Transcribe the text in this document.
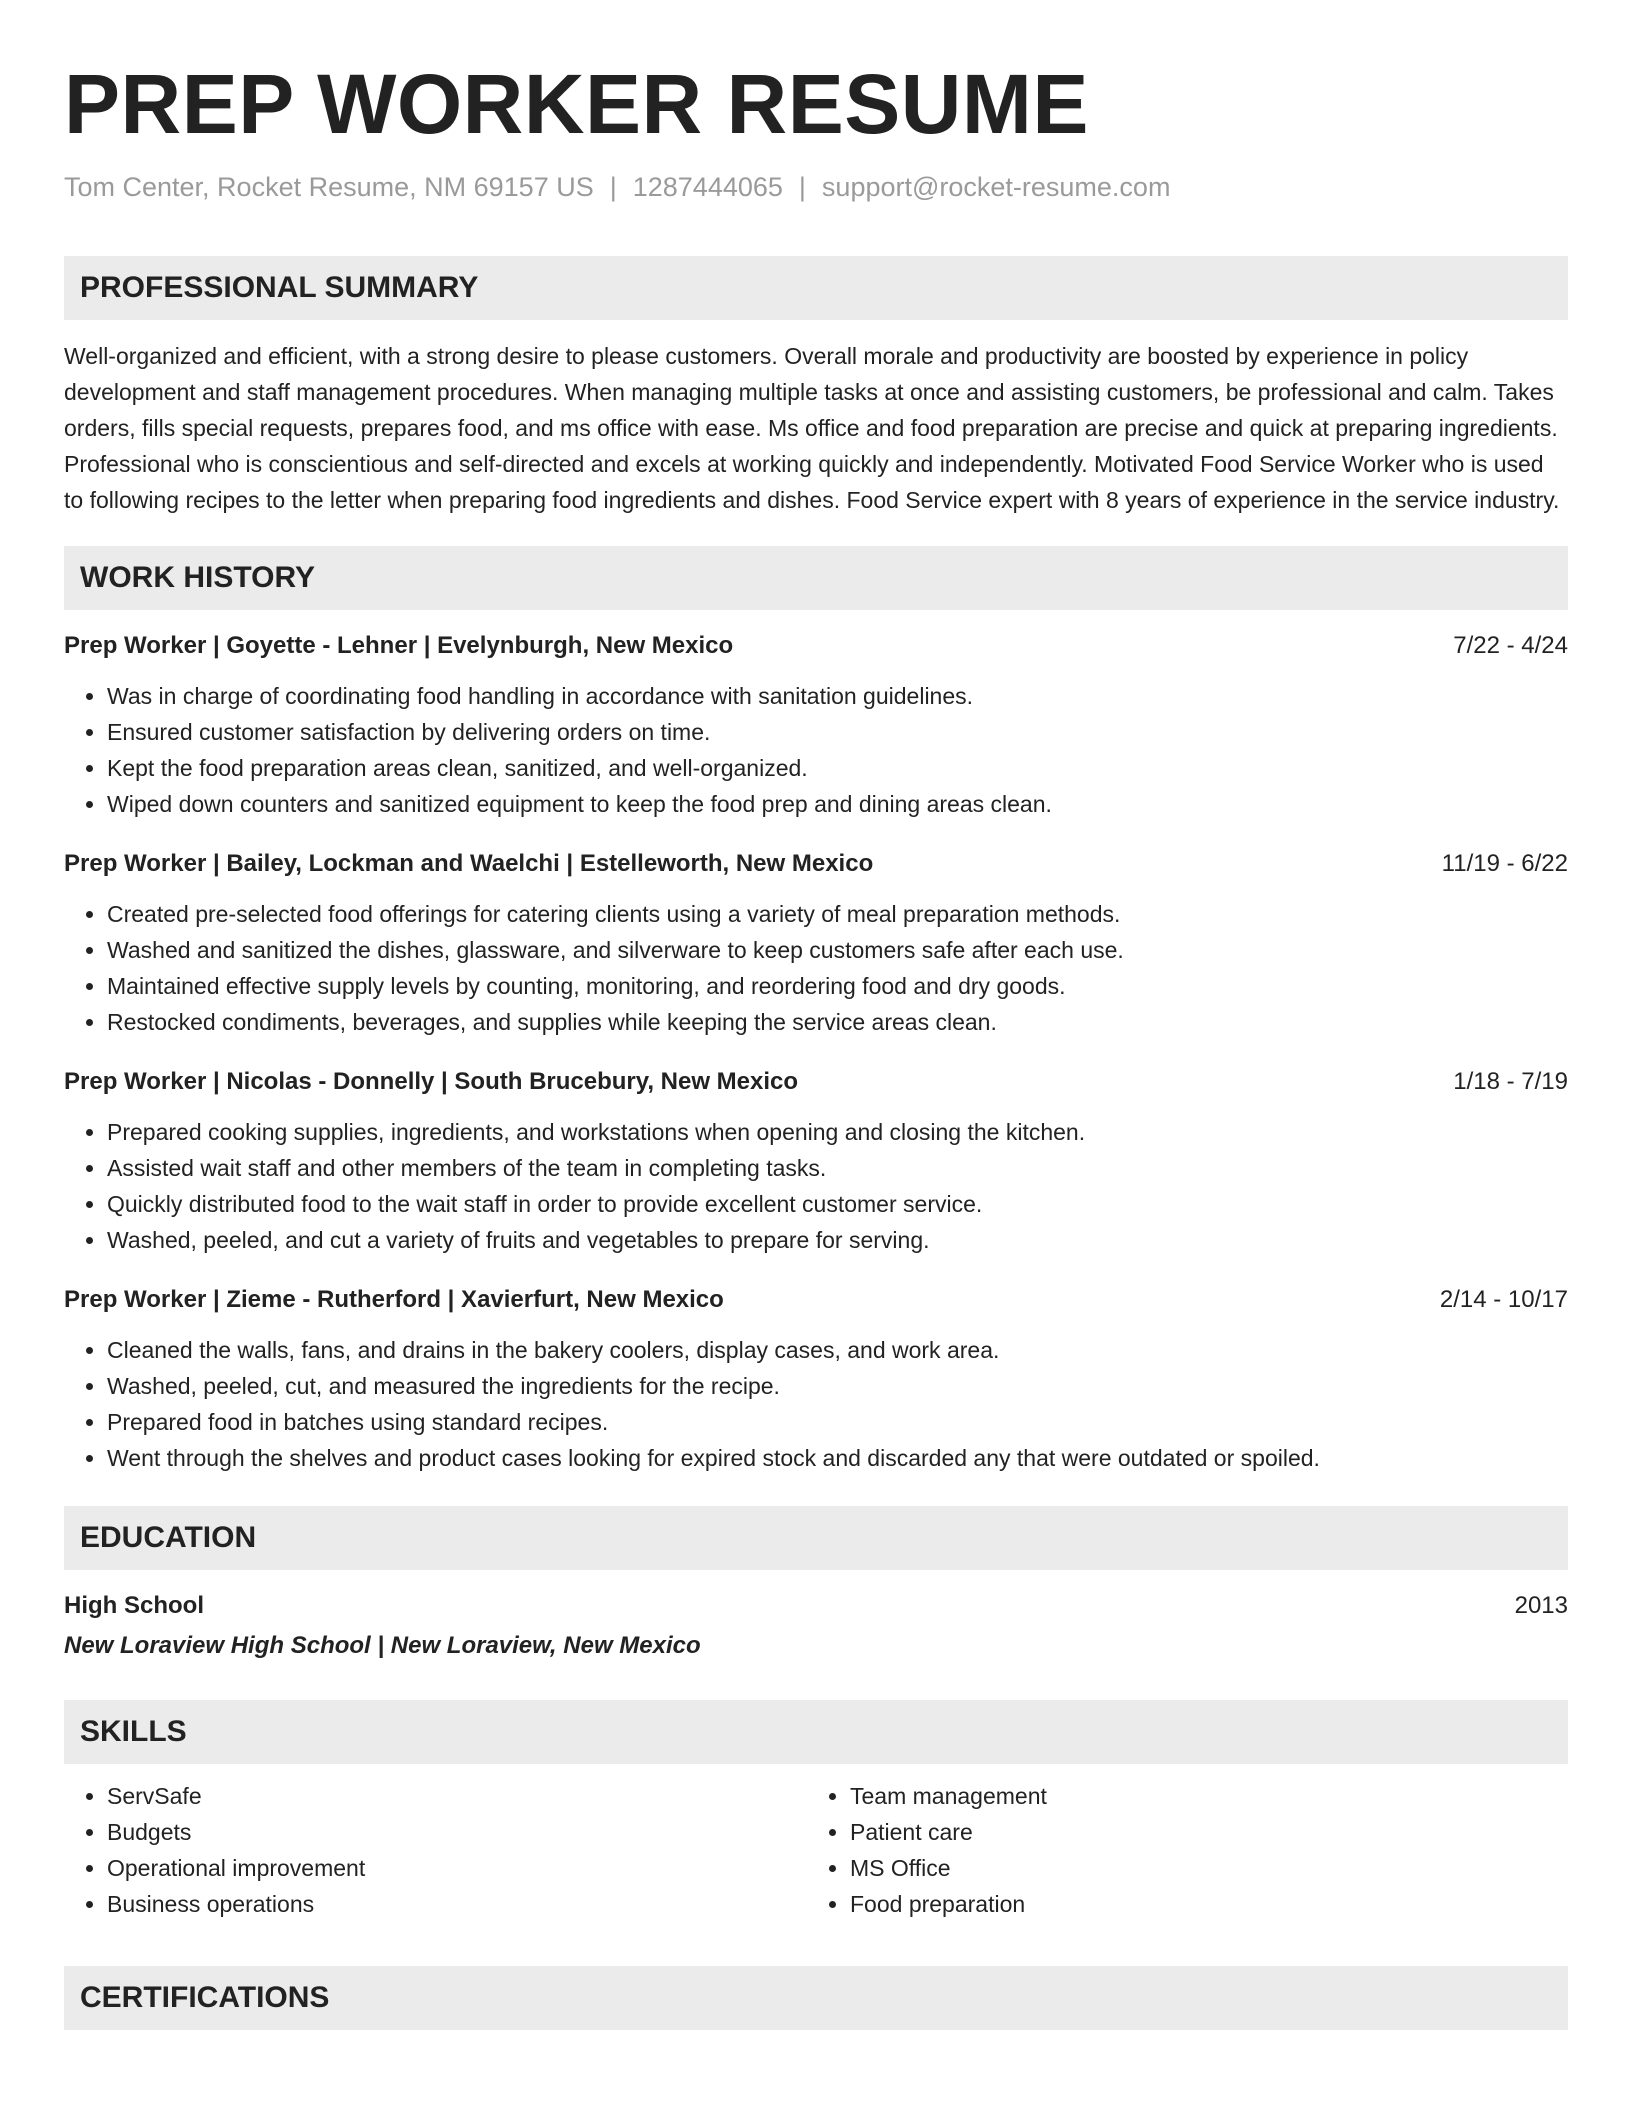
PREP WORKER RESUME
Tom Center, Rocket Resume, NM 69157 US | 1287444065 | support@rocket-resume.com
PROFESSIONAL SUMMARY

Well-organized and efficient, with a strong desire to please customers. Overall morale and productivity are boosted by experience in policy development and staff management procedures. When managing multiple tasks at once and assisting customers, be professional and calm. Takes orders, fills special requests, prepares food, and ms office with ease. Ms office and food preparation are precise and quick at preparing ingredients. Professional who is conscientious and self-directed and excels at working quickly and independently. Motivated Food Service Worker who is used to following recipes to the letter when preparing food ingredients and dishes. Food Service expert with 8 years of experience in the service industry.

WORK HISTORY
Prep Worker | Goyette - Lehner | Evelynburgh, New Mexico	7/22 - 4/24
• Was in charge of coordinating food handling in accordance with sanitation guidelines.
• Ensured customer satisfaction by delivering orders on time.
• Kept the food preparation areas clean, sanitized, and well-organized.
• Wiped down counters and sanitized equipment to keep the food prep and dining areas clean.
Prep Worker | Bailey, Lockman and Waelchi | Estelleworth, New Mexico	11/19 - 6/22
• Created pre-selected food offerings for catering clients using a variety of meal preparation methods.
• Washed and sanitized the dishes, glassware, and silverware to keep customers safe after each use.
• Maintained effective supply levels by counting, monitoring, and reordering food and dry goods.
• Restocked condiments, beverages, and supplies while keeping the service areas clean.
Prep Worker | Nicolas - Donnelly | South Brucebury, New Mexico	1/18 - 7/19
• Prepared cooking supplies, ingredients, and workstations when opening and closing the kitchen.
• Assisted wait staff and other members of the team in completing tasks.
• Quickly distributed food to the wait staff in order to provide excellent customer service.
• Washed, peeled, and cut a variety of fruits and vegetables to prepare for serving.
Prep Worker | Zieme - Rutherford | Xavierfurt, New Mexico	2/14 - 10/17
• Cleaned the walls, fans, and drains in the bakery coolers, display cases, and work area.
• Washed, peeled, cut, and measured the ingredients for the recipe.
• Prepared food in batches using standard recipes.
• Went through the shelves and product cases looking for expired stock and discarded any that were outdated or spoiled.
EDUCATION
High School	2013
New Loraview High School | New Loraview, New Mexico
SKILLS
• ServSafe
• Budgets
• Operational improvement
• Business operations
• Team management
• Patient care
• MS Office
• Food preparation
CERTIFICATIONS
